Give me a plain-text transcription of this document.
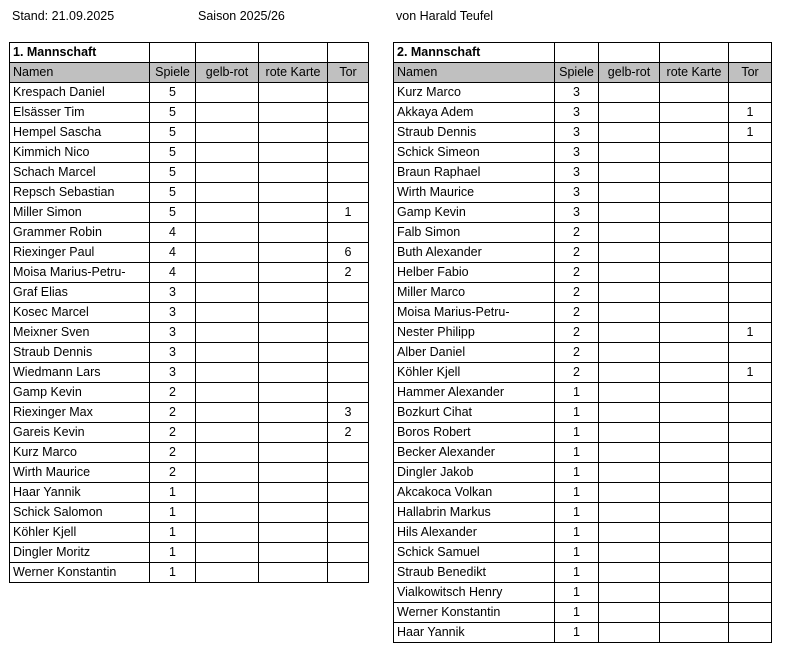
Stand: 21.09.2025	Saison 2025/26	von Harald Teufel
1. Mannschaft				
Namen	Spiele	gelb-rot	rote Karte	Tor
Krespach Daniel	5			
Elsässer Tim	5			
Hempel Sascha	5			
Kimmich Nico	5			
Schach Marcel	5			
Repsch Sebastian	5			
Miller Simon	5			1
Grammer Robin	4			
Riexinger Paul	4			6
Moisa Marius-Petru-	4			2
Graf Elias	3			
Kosec Marcel	3			
Meixner Sven	3			
Straub Dennis	3			
Wiedmann Lars	3			
Gamp Kevin	2			
Riexinger Max	2			3
Gareis Kevin	2			2
Kurz Marco	2			
Wirth Maurice	2			
Haar Yannik	1			
Schick Salomon	1			
Köhler Kjell	1			
Dingler Moritz	1			
Werner Konstantin	1			
2. Mannschaft				
Namen	Spiele	gelb-rot	rote Karte	Tor
Kurz Marco	3			
Akkaya Adem	3			1
Straub Dennis	3			1
Schick Simeon	3			
Braun Raphael	3			
Wirth Maurice	3			
Gamp Kevin	3			
Falb Simon	2			
Buth Alexander	2			
Helber Fabio	2			
Miller Marco	2			
Moisa Marius-Petru-	2			
Nester Philipp	2			1
Alber Daniel	2			
Köhler Kjell	2			1
Hammer Alexander	1			
Bozkurt Cihat	1			
Boros Robert	1			
Becker Alexander	1			
Dingler Jakob	1			
Akcakoca Volkan	1			
Hallabrin Markus	1			
Hils Alexander	1			
Schick Samuel	1			
Straub Benedikt	1			
Vialkowitsch Henry	1			
Werner Konstantin	1			
Haar Yannik	1			
